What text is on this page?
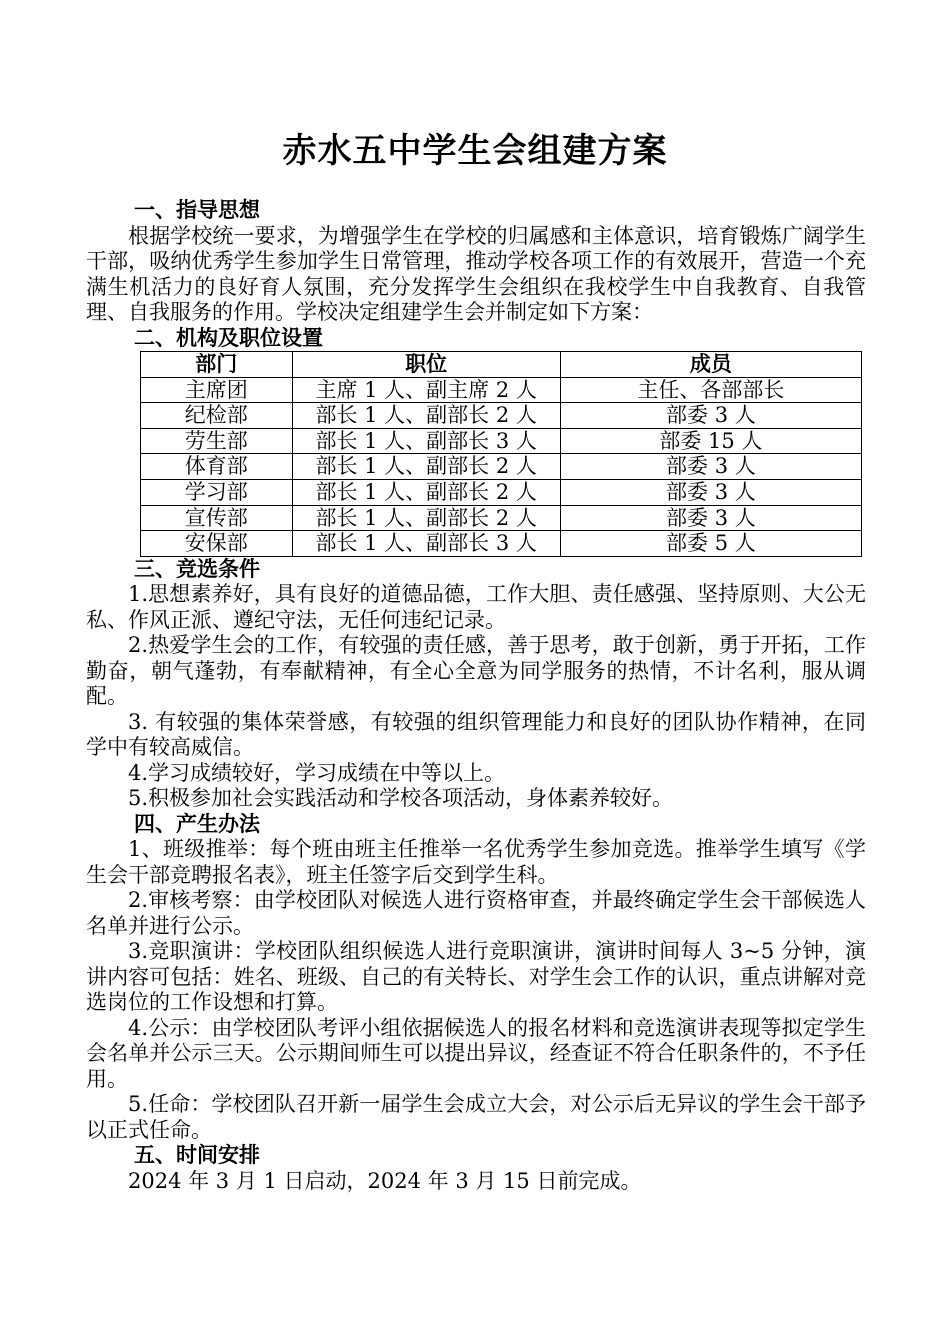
赤水五中学生会组建方案
一、指导思想
根据学校统一要求，为增强学生在学校的归属感和主体意识，培育锻炼广阔学生干部，吸纳优秀学生参加学生日常管理，推动学校各项工作的有效展开，营造一个充满生机活力的良好育人氛围，充分发挥学生会组织在我校学生中自我教育、自我管理、自我服务的作用。学校决定组建学生会并制定如下方案：
二、机构及职位设置
部门	职位	成员
主席团	主席 1 人、副主席 2 人	主任、各部部长
纪检部	部长 1 人、副部长 2 人	部委 3 人
劳生部	部长 1 人、副部长 3 人	部委 15 人
体育部	部长 1 人、副部长 2 人	部委 3 人
学习部	部长 1 人、副部长 2 人	部委 3 人
宣传部	部长 1 人、副部长 2 人	部委 3 人
安保部	部长 1 人、副部长 3 人	部委 5 人
三、竞选条件
1.思想素养好，具有良好的道德品德，工作大胆、责任感强、坚持原则、大公无私、作风正派、遵纪守法，无任何违纪记录。
2.热爱学生会的工作，有较强的责任感，善于思考，敢于创新，勇于开拓，工作勤奋，朝气蓬勃，有奉献精神，有全心全意为同学服务的热情，不计名利，服从调配。
3. 有较强的集体荣誉感，有较强的组织管理能力和良好的团队协作精神，在同学中有较高威信。
4.学习成绩较好，学习成绩在中等以上。
5.积极参加社会实践活动和学校各项活动，身体素养较好。
四、产生办法
1、班级推举：每个班由班主任推举一名优秀学生参加竞选。推举学生填写《学生会干部竞聘报名表》，班主任签字后交到学生科。
2.审核考察：由学校团队对候选人进行资格审查，并最终确定学生会干部候选人名单并进行公示。
3.竞职演讲：学校团队组织候选人进行竞职演讲，演讲时间每人 3~5 分钟，演讲内容可包括：姓名、班级、自己的有关特长、对学生会工作的认识，重点讲解对竞选岗位的工作设想和打算。
4.公示：由学校团队考评小组依据候选人的报名材料和竞选演讲表现等拟定学生会名单并公示三天。公示期间师生可以提出异议，经查证不符合任职条件的，不予任用。
5.任命：学校团队召开新一届学生会成立大会，对公示后无异议的学生会干部予以正式任命。
五、时间安排
2024 年 3 月 1 日启动，2024 年 3 月 15 日前完成。
